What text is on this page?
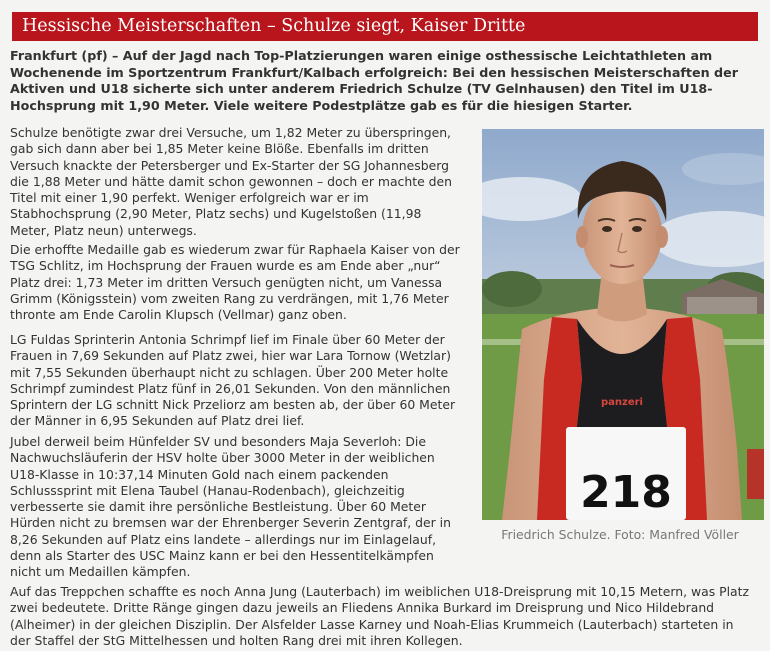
Hessische Meisterschaften – Schulze siegt, Kaiser Dritte

Frankfurt (pf) – Auf der Jagd nach Top-Platzierungen waren einige osthessische Leichtathleten am Wochenende im Sportzentrum Frankfurt/Kalbach erfolgreich: Bei den hessischen Meisterschaften der Aktiven und U18 sicherte sich unter anderem Friedrich Schulze (TV Gelnhausen) den Titel im U18-Hochsprung mit 1,90 Meter. Viele weitere Podestplätze gab es für die hiesigen Starter.

Schulze benötigte zwar drei Versuche, um 1,82 Meter zu überspringen, gab sich dann aber bei 1,85 Meter keine Blöße. Ebenfalls im dritten Versuch knackte der Petersberger und Ex-Starter der SG Johannesberg die 1,88 Meter und hätte damit schon gewonnen – doch er machte den Titel mit einer 1,90 perfekt. Weniger erfolgreich war er im Stabhochsprung (2,90 Meter, Platz sechs) und Kugelstoßen (11,98 Meter, Platz neun) unterwegs.

Die erhoffte Medaille gab es wiederum zwar für Raphaela Kaiser von der TSG Schlitz, im Hochsprung der Frauen wurde es am Ende aber „nur“ Platz drei: 1,73 Meter im dritten Versuch genügten nicht, um Vanessa Grimm (Königsstein) vom zweiten Rang zu verdrängen, mit 1,76 Meter thronte am Ende Carolin Klupsch (Vellmar) ganz oben.

LG Fuldas Sprinterin Antonia Schrimpf lief im Finale über 60 Meter der Frauen in 7,69 Sekunden auf Platz zwei, hier war Lara Tornow (Wetzlar) mit 7,55 Sekunden überhaupt nicht zu schlagen. Über 200 Meter holte Schrimpf zumindest Platz fünf in 26,01 Sekunden. Von den männlichen Sprintern der LG schnitt Nick Przeliorz am besten ab, der über 60 Meter der Männer in 6,95 Sekunden auf Platz drei lief.

Jubel derweil beim Hünfelder SV und besonders Maja Severloh: Die Nachwuchsläuferin der HSV holte über 3000 Meter in der weiblichen U18-Klasse in 10:37,14 Minuten Gold nach einem packenden Schlusssprint mit Elena Taubel (Hanau-Rodenbach), gleichzeitig verbesserte sie damit ihre persönliche Bestleistung. Über 60 Meter Hürden nicht zu bremsen war der Ehrenberger Severin Zentgraf, der in 8,26 Sekunden auf Platz eins landete – allerdings nur im Einlagelauf, denn als Starter des USC Mainz kann er bei den Hessentitelkämpfen nicht um Medaillen kämpfen.

Auf das Treppchen schaffte es noch Anna Jung (Lauterbach) im weiblichen U18-Dreisprung mit 10,15 Metern, was Platz zwei bedeutete. Dritte Ränge gingen dazu jeweils an Fliedens Annika Burkard im Dreisprung und Nico Hildebrand (Alheimer) in der gleichen Disziplin. Der Alsfelder Lasse Karney und Noah-Elias Krummeich (Lauterbach) starteten in der Staffel der StG Mittelhessen und holten Rang drei mit ihren Kollegen.

panzeri
218
Friedrich Schulze. Foto: Manfred Völler
